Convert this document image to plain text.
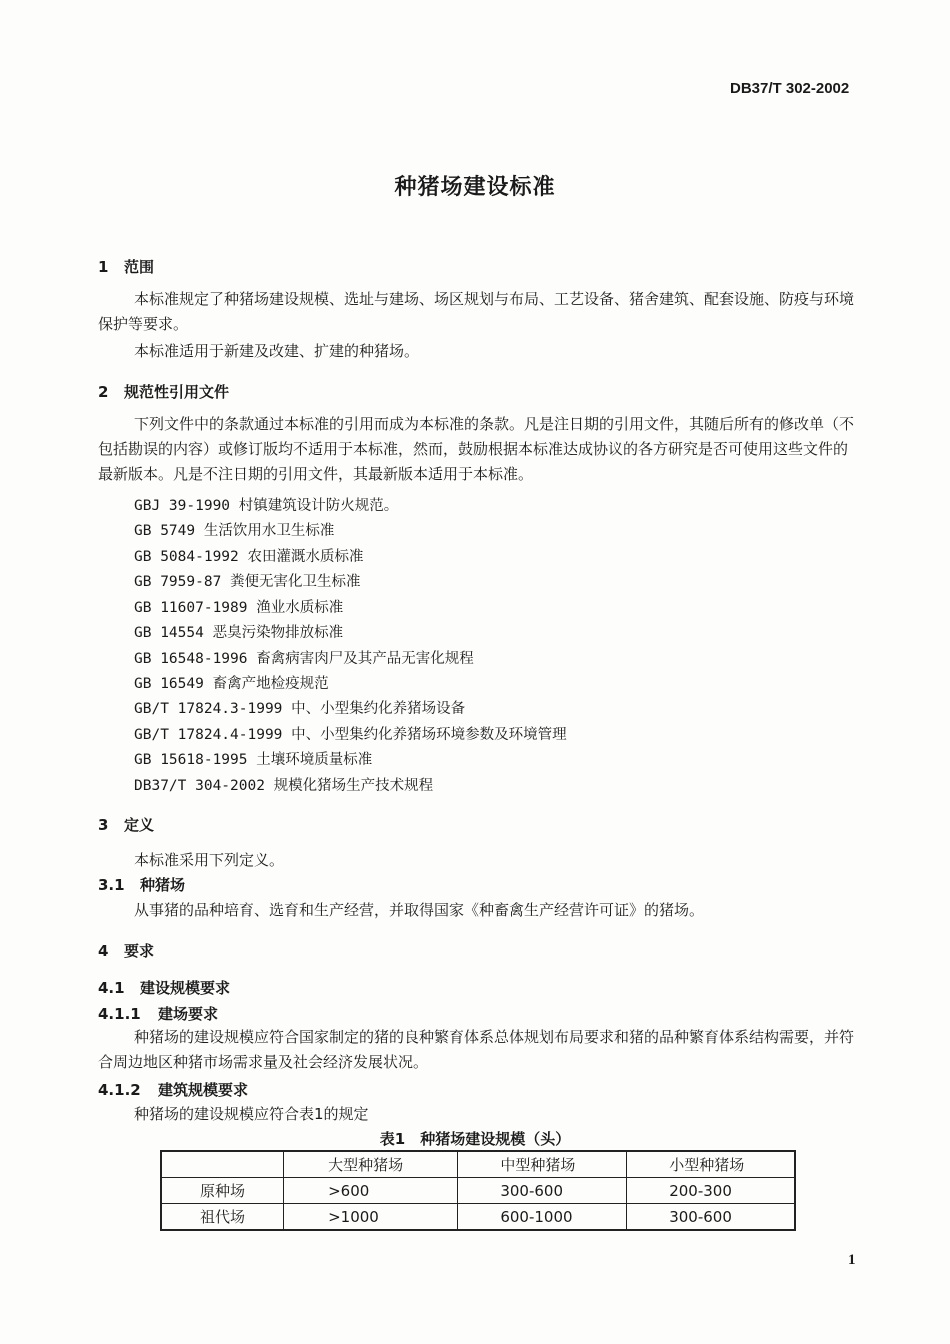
DB37/T 302-2002
种猪场建设标准
1 范围
本标准规定了种猪场建设规模、选址与建场、场区规划与布局、工艺设备、猪舍建筑、配套设施、防疫与环境保护等要求。
本标准适用于新建及改建、扩建的种猪场。
2 规范性引用文件
下列文件中的条款通过本标准的引用而成为本标准的条款。凡是注日期的引用文件，其随后所有的修改单（不包括勘误的内容）或修订版均不适用于本标准，然而，鼓励根据本标准达成协议的各方研究是否可使用这些文件的最新版本。凡是不注日期的引用文件，其最新版本适用于本标准。
GBJ 39-1990 村镇建筑设计防火规范。
GB 5749 生活饮用水卫生标准
GB 5084-1992 农田灌溉水质标准
GB 7959-87 粪便无害化卫生标准
GB 11607-1989 渔业水质标准
GB 14554 恶臭污染物排放标准
GB 16548-1996 畜禽病害肉尸及其产品无害化规程
GB 16549 畜禽产地检疫规范
GB/T 17824.3-1999 中、小型集约化养猪场设备
GB/T 17824.4-1999 中、小型集约化养猪场环境参数及环境管理
GB 15618-1995 土壤环境质量标准
DB37/T 304-2002 规模化猪场生产技术规程
3 定义
本标准采用下列定义。
3.1 种猪场
从事猪的品种培育、选育和生产经营，并取得国家《种畜禽生产经营许可证》的猪场。
4 要求
4.1 建设规模要求
4.1.1 建场要求
种猪场的建设规模应符合国家制定的猪的良种繁育体系总体规划布局要求和猪的品种繁育体系结构需要，并符合周边地区种猪市场需求量及社会经济发展状况。
4.1.2 建筑规模要求
种猪场的建设规模应符合表1的规定
表1　种猪场建设规模（头）
	大型种猪场	中型种猪场	小型种猪场
原种场	>600	300-600	200-300
祖代场	>1000	600-1000	300-600
1
